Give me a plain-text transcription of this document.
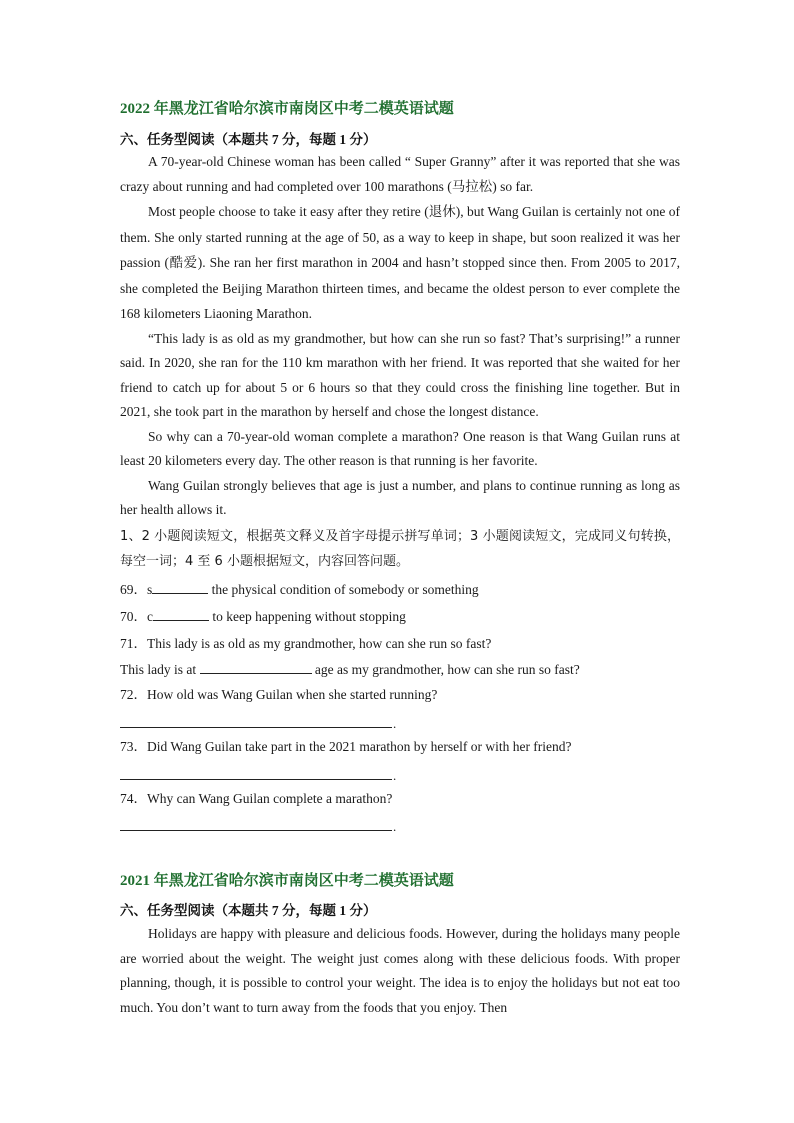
2022 年黑龙江省哈尔滨市南岗区中考二模英语试题
六、任务型阅读（本题共 7 分，每题 1 分）

A 70-year-old Chinese woman has been called “ Super Granny” after it was reported that she was crazy about running and had completed over 100 marathons (马拉松) so far.

Most people choose to take it easy after they retire (退休), but Wang Guilan is certainly not one of them. She only started running at the age of 50, as a way to keep in shape, but soon realized it was her passion (酷爱). She ran her first marathon in 2004 and hasn’t stopped since then. From 2005 to 2017, she completed the Beijing Marathon thirteen times, and became the oldest person to ever complete the 168 kilometers Liaoning Marathon.

“This lady is as old as my grandmother, but how can she run so fast? That’s surprising!” a runner said. In 2020, she ran for the 110 km marathon with her friend. It was reported that she waited for her friend to catch up for about 5 or 6 hours so that they could cross the finishing line together. But in 2021, she took part in the marathon by herself and chose the longest distance.

So why can a 70-year-old woman complete a marathon? One reason is that Wang Guilan runs at least 20 kilometers every day. The other reason is that running is her favorite.

Wang Guilan strongly believes that age is just a number, and plans to continue running as long as her health allows it.

1、2 小题阅读短文，根据英文释义及首字母提示拼写单词；3 小题阅读短文，完成同义句转换，每空一词；4 至 6 小题根据短文，内容回答问题。

69．s	the physical condition of somebody or something
70．c	to keep happening without stopping
71．This lady is as old as my grandmother, how can she run so fast?
This lady is at	age as my grandmother, how can she run so fast?
72．How old was Wang Guilan when she started running?
.
73．Did Wang Guilan take part in the 2021 marathon by herself or with her friend?
.
74．Why can Wang Guilan complete a marathon?
.
2021 年黑龙江省哈尔滨市南岗区中考二模英语试题
六、任务型阅读（本题共 7 分，每题 1 分）

Holidays are happy with pleasure and delicious foods. However, during the holidays many people are worried about the weight. The weight just comes along with these delicious foods. With proper planning, though, it is possible to control your weight. The idea is to enjoy the holidays but not eat too much. You don’t want to turn away from the foods that you enjoy. Then
